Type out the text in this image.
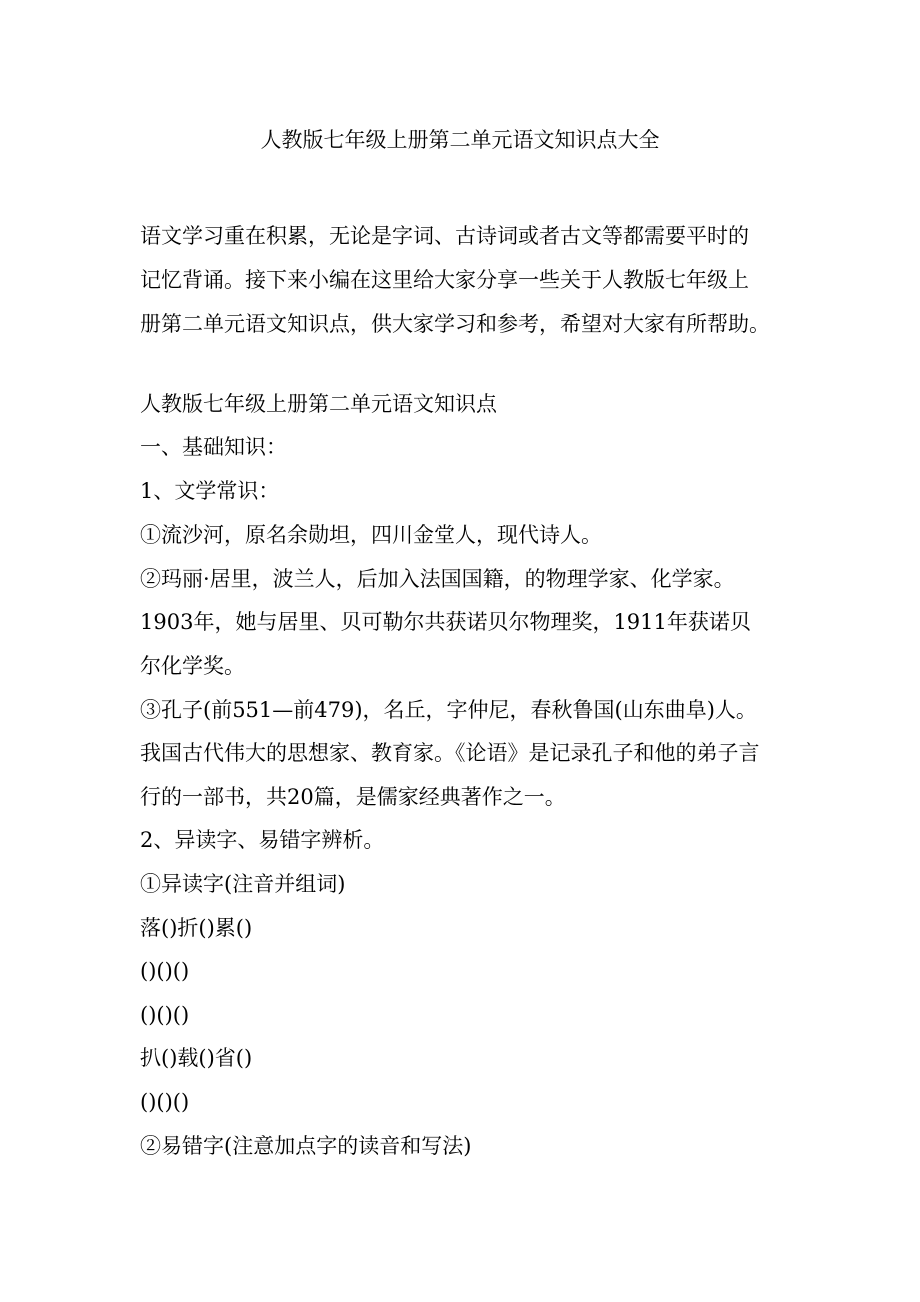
人教版七年级上册第二单元语文知识点大全
语文学习重在积累，无论是字词、古诗词或者古文等都需要平时的
记忆背诵。接下来小编在这里给大家分享一些关于人教版七年级上
册第二单元语文知识点，供大家学习和参考，希望对大家有所帮助。
人教版七年级上册第二单元语文知识点
一、基础知识：
1、文学常识：
①流沙河，原名余勋坦，四川金堂人，现代诗人。
②玛丽·居里，波兰人，后加入法国国籍，的物理学家、化学家。
1903年，她与居里、贝可勒尔共获诺贝尔物理奖，1911年获诺贝
尔化学奖。
③孔子(前551—前479)，名丘，字仲尼，春秋鲁国(山东曲阜)人。
我国古代伟大的思想家、教育家。《论语》是记录孔子和他的弟子言
行的一部书，共20篇，是儒家经典著作之一。
2、异读字、易错字辨析。
①异读字(注音并组词)
落()折()累()
()()()
()()()
扒()载()省()
()()()
②易错字(注意加点字的读音和写法)
